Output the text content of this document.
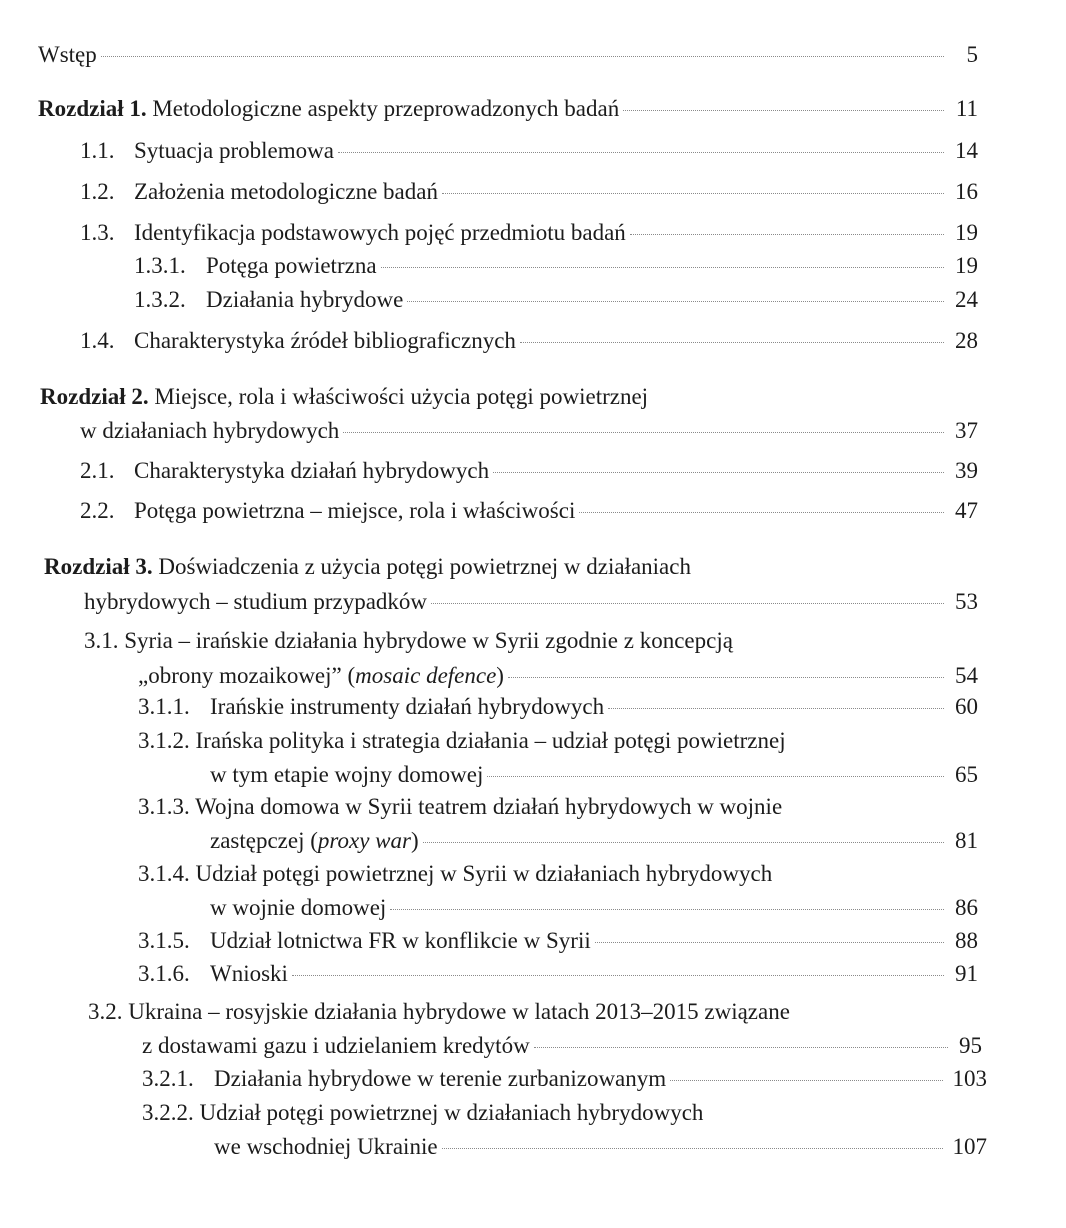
Wstęp	5
Rozdział 1. Metodologiczne aspekty przeprowadzonych badań	11
1.1. Sytuacja problemowa	14
1.2. Założenia metodologiczne badań	16
1.3. Identyfikacja podstawowych pojęć przedmiotu badań	19
1.3.1. Potęga powietrzna	19
1.3.2. Działania hybrydowe	24
1.4. Charakterystyka źródeł bibliograficznych	28
Rozdział 2. Miejsce, rola i właściwości użycia potęgi powietrznej
w działaniach hybrydowych	37
2.1. Charakterystyka działań hybrydowych	39
2.2. Potęga powietrzna – miejsce, rola i właściwości	47
Rozdział 3. Doświadczenia z użycia potęgi powietrznej w działaniach
hybrydowych – studium przypadków	53
3.1. Syria – irańskie działania hybrydowe w Syrii zgodnie z koncepcją
„obrony mozaikowej” (mosaic defence)	54
3.1.1. Irańskie instrumenty działań hybrydowych	60
3.1.2. Irańska polityka i strategia działania – udział potęgi powietrznej
w tym etapie wojny domowej	65
3.1.3. Wojna domowa w Syrii teatrem działań hybrydowych w wojnie
zastępczej (proxy war)	81
3.1.4. Udział potęgi powietrznej w Syrii w działaniach hybrydowych
w wojnie domowej	86
3.1.5. Udział lotnictwa FR w konflikcie w Syrii	88
3.1.6. Wnioski	91
3.2. Ukraina – rosyjskie działania hybrydowe w latach 2013–2015 związane
z dostawami gazu i udzielaniem kredytów	95
3.2.1. Działania hybrydowe w terenie zurbanizowanym	103
3.2.2. Udział potęgi powietrznej w działaniach hybrydowych
we wschodniej Ukrainie	107
